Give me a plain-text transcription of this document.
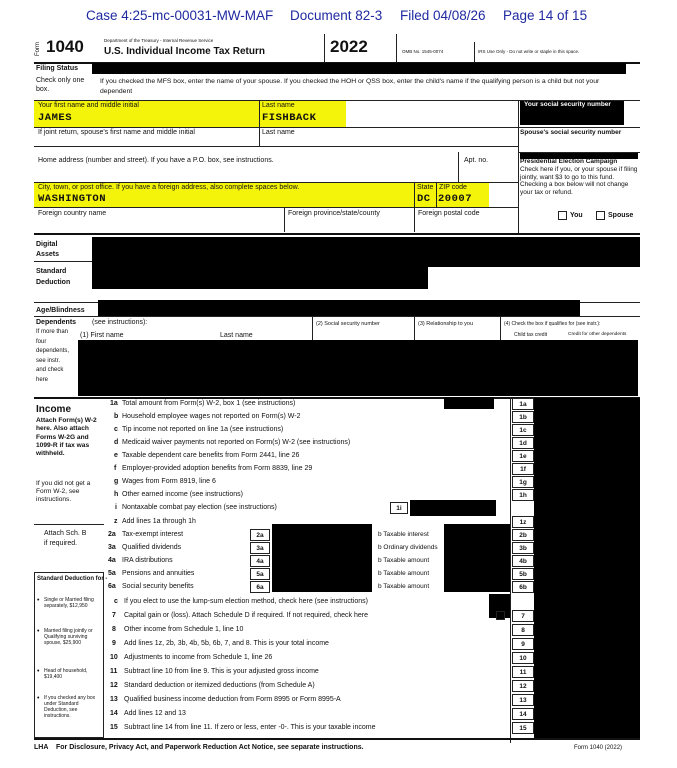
Case 4:25-mc-00031-MW-MAF Document 82-3 Filed 04/08/26 Page 14 of 15
Form 1040	Department of the Treasury - Internal Revenue Service
U.S. Individual Income Tax Return	2022	OMB No. 1545-0074	IRS Use Only - Do not write or staple in this space.
Filing Status
Check only one box.
If you checked the MFS box, enter the name of your spouse. If you checked the HOH or QSS box, enter the child's name if the qualifying person is a child but not your dependent
Your first name and middle initial	Last name
JAMES	FISHBACK
Your social security number
If joint return, spouse's first name and middle initial	Last name	Spouse's social security number
Home address (number and street). If you have a P.O. box, see instructions.	Apt. no.	Presidential Election Campaign
Check here if you, or your spouse if filing jointly, want $3 to go to this fund. Checking a box below will not change your tax or refund.
You	Spouse
City, town, or post office. If you have a foreign address, also complete spaces below.	State ZIP code
WASHINGTON	DC 20007
Foreign country name	Foreign province/state/county	Foreign postal code
Digital Assets
Standard Deduction
Age/Blindness
Dependents (see instructions):
If more than four dependents, see instr. and check here
(1) First name	Last name
(2) Social security number	(3) Relationship to you	(4) Check the box if qualifies for (see instr.):
Child tax credit	Credit for other dependents
Income
Attach Form(s) W-2 here. Also attach Forms W-2G and 1099-R if tax was withheld.
If you did not get a Form W-2, see instructions.
Attach Sch. B if required.
Standard Deduction for -
Single or Married filing separately, $12,950
Married filing jointly or Qualifying surviving spouse, $25,900
Head of household, $19,400
If you checked any box under Standard Deduction, see instructions.
•
•
•
•
1a Total amount from Form(s) W-2, box 1 (see instructions)	1a
b Household employee wages not reported on Form(s) W-2	1b
c Tip income not reported on line 1a (see instructions)	1c
d Medicaid waiver payments not reported on Form(s) W-2 (see instructions)	1d
e Taxable dependent care benefits from Form 2441, line 26	1e
f Employer-provided adoption benefits from Form 8839, line 29	1f
g Wages from Form 8919, line 6	1g
h Other earned income (see instructions)	1h
i Nontaxable combat pay election (see instructions)	1i
z Add lines 1a through 1h	1z
2a Tax-exempt interest	2a	b Taxable interest	2b
3a Qualified dividends	3a	b Ordinary dividends	3b
4a IRA distributions	4a	b Taxable amount	4b
5a Pensions and annuities	5a	b Taxable amount	5b
6a Social security benefits	6a	b Taxable amount	6b
c If you elect to use the lump-sum election method, check here (see instructions)
7 Capital gain or (loss). Attach Schedule D if required. If not required, check here	7
8 Other income from Schedule 1, line 10	8
9 Add lines 1z, 2b, 3b, 4b, 5b, 6b, 7, and 8. This is your total income	9
10 Adjustments to income from Schedule 1, line 26	10
11 Subtract line 10 from line 9. This is your adjusted gross income	11
12 Standard deduction or itemized deductions (from Schedule A)	12
13 Qualified business income deduction from Form 8995 or Form 8995-A	13
14 Add lines 12 and 13	14
15 Subtract line 14 from line 11. If zero or less, enter -0-. This is your taxable income	15
LHA For Disclosure, Privacy Act, and Paperwork Reduction Act Notice, see separate instructions.	Form 1040 (2022)
